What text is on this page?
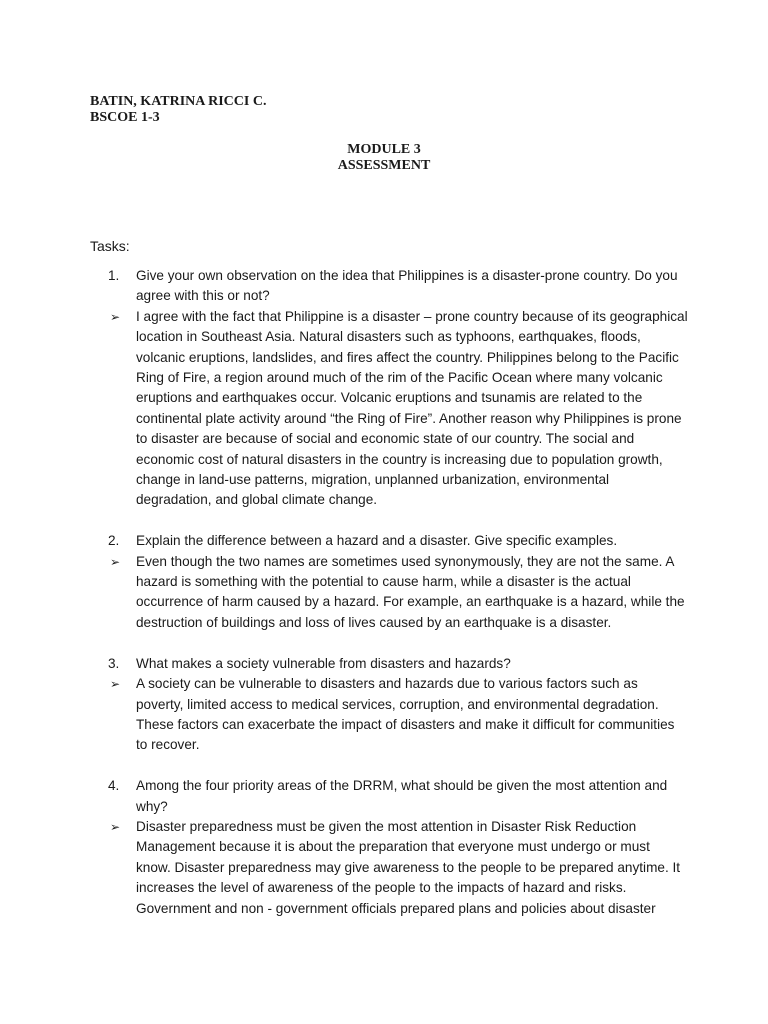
BATIN, KATRINA RICCI C.
BSCOE 1-3
MODULE 3
ASSESSMENT
Tasks:
1.	Give your own observation on the idea that Philippines is a disaster-prone country. Do you agree with this or not?
➢	I agree with the fact that Philippine is a disaster – prone country because of its geographical location in Southeast Asia. Natural disasters such as typhoons, earthquakes, floods, volcanic eruptions, landslides, and fires affect the country. Philippines belong to the Pacific Ring of Fire, a region around much of the rim of the Pacific Ocean where many volcanic eruptions and earthquakes occur. Volcanic eruptions and tsunamis are related to the continental plate activity around “the Ring of Fire”. Another reason why Philippines is prone to disaster are because of social and economic state of our country. The social and economic cost of natural disasters in the country is increasing due to population growth, change in land-use patterns, migration, unplanned urbanization, environmental degradation, and global climate change.
2.	Explain the difference between a hazard and a disaster. Give specific examples.
➢	Even though the two names are sometimes used synonymously, they are not the same. A hazard is something with the potential to cause harm, while a disaster is the actual occurrence of harm caused by a hazard. For example, an earthquake is a hazard, while the destruction of buildings and loss of lives caused by an earthquake is a disaster.
3.	What makes a society vulnerable from disasters and hazards?
➢	A society can be vulnerable to disasters and hazards due to various factors such as poverty, limited access to medical services, corruption, and environmental degradation. These factors can exacerbate the impact of disasters and make it difficult for communities to recover.
4.	Among the four priority areas of the DRRM, what should be given the most attention and why?
➢	Disaster preparedness must be given the most attention in Disaster Risk Reduction Management because it is about the preparation that everyone must undergo or must know. Disaster preparedness may give awareness to the people to be prepared anytime. It increases the level of awareness of the people to the impacts of hazard and risks. Government and non - government officials prepared plans and policies about disaster
